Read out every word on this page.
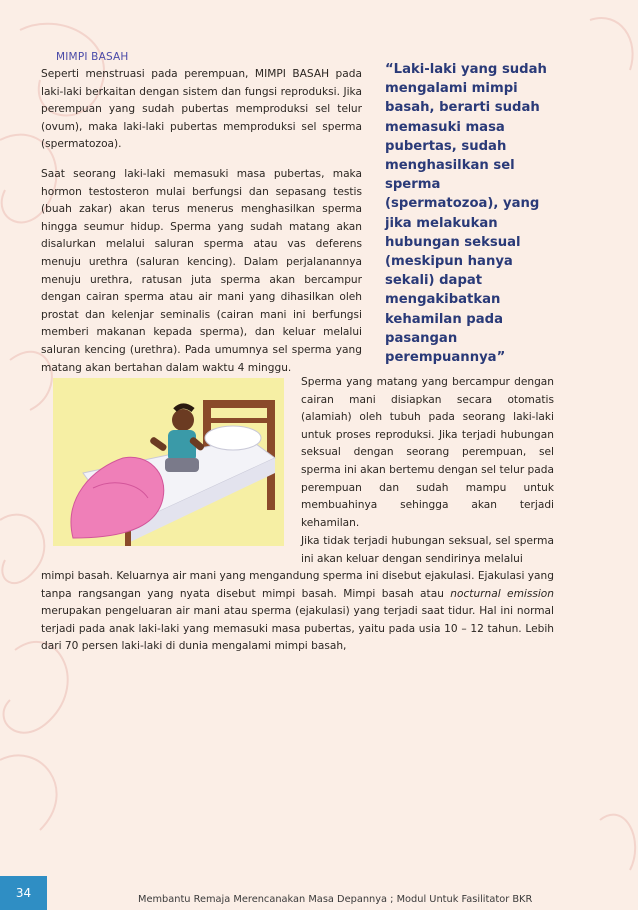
MIMPI BASAH
Seperti menstruasi pada perempuan, MIMPI BASAH pada laki-laki berkaitan dengan sistem dan fungsi reproduksi. Jika perempuan yang sudah pubertas memproduksi sel telur (ovum), maka laki-laki pubertas memproduksi sel sperma (spermatozoa).
Saat seorang laki-laki memasuki masa pubertas, maka hormon testosteron mulai berfungsi dan sepasang testis (buah zakar) akan terus menerus menghasilkan sperma hingga seumur hidup. Sperma yang sudah matang akan disalurkan melalui saluran sperma atau vas deferens menuju urethra (saluran kencing). Dalam perjalanannya menuju urethra, ratusan juta sperma akan bercampur dengan cairan sperma atau air mani yang dihasilkan oleh prostat dan kelenjar seminalis (cairan mani ini berfungsi memberi makanan kepada sperma), dan keluar melalui saluran kencing (urethra). Pada umumnya sel sperma yang matang akan bertahan dalam waktu 4 minggu.
“Laki-laki yang sudah mengalami mimpi basah, berarti sudah memasuki masa pubertas, sudah menghasilkan sel sperma (spermatozoa), yang jika melakukan hubungan seksual (meskipun hanya sekali) dapat mengakibatkan kehamilan pada pasangan perempuannya”
Sperma yang matang yang bercampur dengan cairan mani disiapkan secara otomatis (alamiah) oleh tubuh pada seorang laki-laki untuk proses reproduksi. Jika terjadi hubungan seksual dengan seorang perempuan, sel sperma ini akan bertemu dengan sel telur pada perempuan dan sudah mampu untuk membuahinya sehingga akan terjadi kehamilan.
Jika tidak terjadi hubungan seksual, sel sperma ini akan keluar dengan sendirinya melalui
mimpi basah. Keluarnya air mani yang mengandung sperma ini disebut ejakulasi. Ejakulasi yang tanpa rangsangan yang nyata disebut mimpi basah. Mimpi basah atau nocturnal emission merupakan pengeluaran air mani atau sperma (ejakulasi) yang terjadi saat tidur. Hal ini normal terjadi pada anak laki-laki yang memasuki masa pubertas, yaitu pada usia 10 – 12 tahun. Lebih dari 70 persen laki-laki di dunia mengalami mimpi basah,
34	Membantu Remaja Merencanakan Masa Depannya ; Modul Untuk Fasilitator BKR
